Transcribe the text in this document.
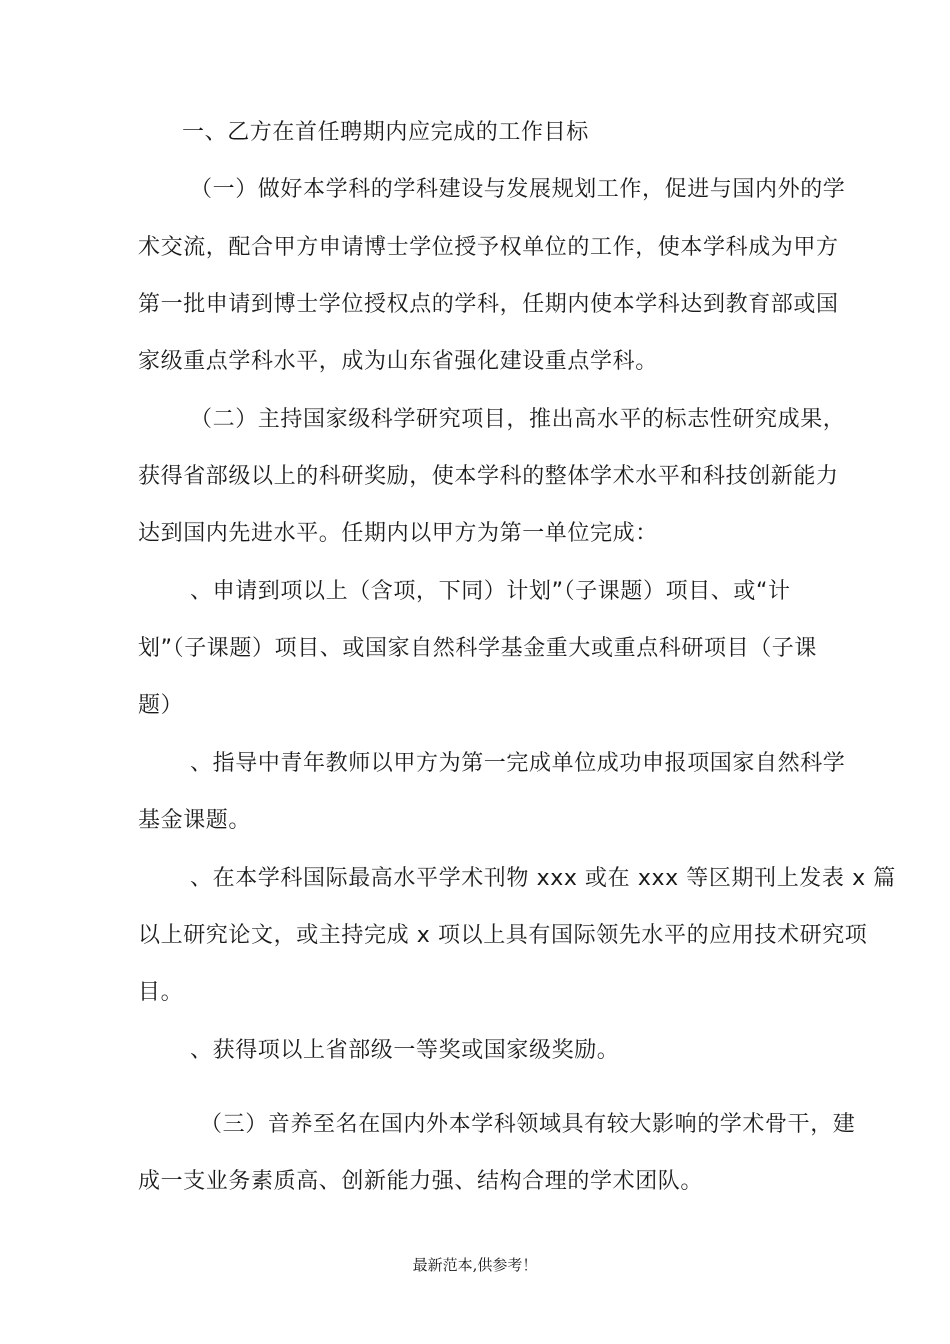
一、乙方在首任聘期内应完成的工作目标
（一）做好本学科的学科建设与发展规划工作，促进与国内外的学
术交流，配合甲方申请博士学位授予权单位的工作，使本学科成为甲方
第一批申请到博士学位授权点的学科，任期内使本学科达到教育部或国
家级重点学科水平，成为山东省强化建设重点学科。
（二）主持国家级科学研究项目，推出高水平的标志性研究成果，
获得省部级以上的科研奖励，使本学科的整体学术水平和科技创新能力
达到国内先进水平。任期内以甲方为第一单位完成：
、申请到项以上（含项，下同）计划”（子课题）项目、或“计
划”（子课题）项目、或国家自然科学基金重大或重点科研项目（子课
题）
、指导中青年教师以甲方为第一完成单位成功申报项国家自然科学
基金课题。
、在本学科国际最高水平学术刊物 xxx 或在 xxx 等区期刊上发表 x 篇
以上研究论文，或主持完成 x 项以上具有国际领先水平的应用技术研究项
目。
、获得项以上省部级一等奖或国家级奖励。
（三）音养至名在国内外本学科领域具有较大影响的学术骨干，建
成一支业务素质高、创新能力强、结构合理的学术团队。
最新范本,供参考！
